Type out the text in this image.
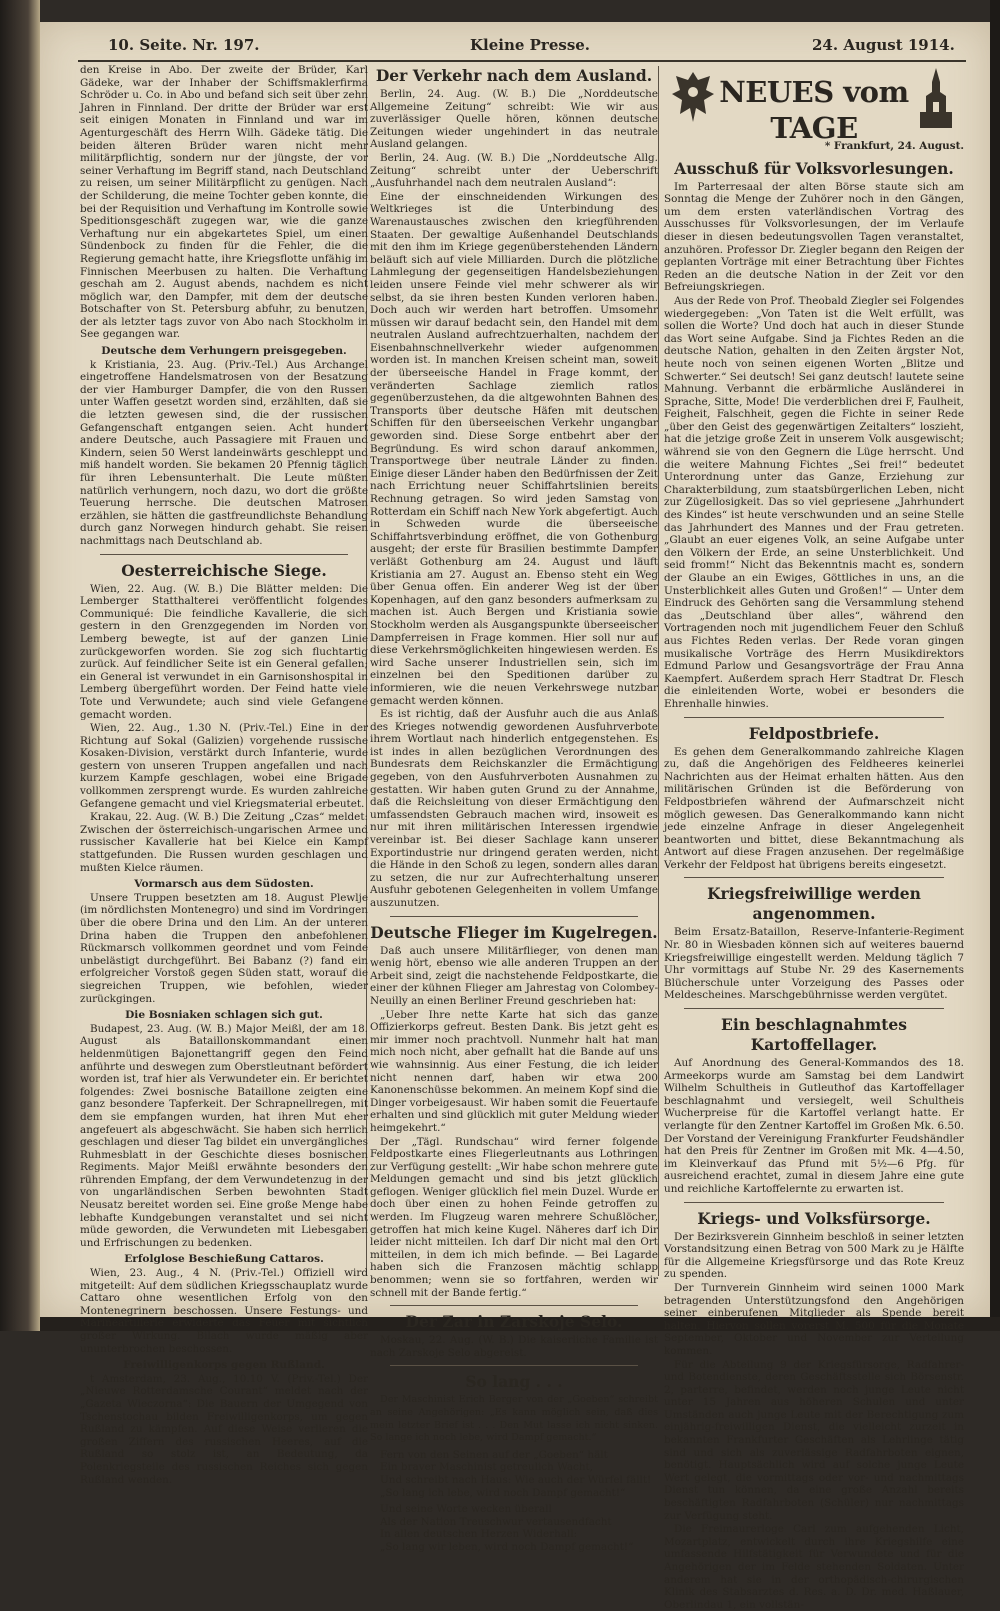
10. Seite. Nr. 197.	Kleine Presse.	24. August 1914.

den Kreise in Abo. Der zweite der Brüder, Karl Gädeke, war der Inhaber der Schiffsmaklerfirma Schröder u. Co. in Abo und befand sich seit über zehn Jahren in Finnland. Der dritte der Brüder war erst seit einigen Monaten in Finnland und war im Agenturgeschäft des Herrn Wilh. Gädeke tätig. Die beiden älteren Brüder waren nicht mehr militärpflichtig, sondern nur der jüngste, der vor seiner Verhaftung im Begriff stand, nach Deutschland zu reisen, um seiner Militärpflicht zu genügen. Nach der Schilderung, die meine Tochter geben konnte, die bei der Requisition und Verhaftung im Kontrolle sowie Speditionsgeschäft zugegen war, wie die ganze Verhaftung nur ein abgekartetes Spiel, um einen Sündenbock zu finden für die Fehler, die die Regierung gemacht hatte, ihre Kriegsflotte unfähig im Finnischen Meerbusen zu halten. Die Verhaftung geschah am 2. August abends, nachdem es nicht möglich war, den Dampfer, mit dem der deutsche Botschafter von St. Petersburg abfuhr, zu benutzen, der als letzter tags zuvor von Abo nach Stockholm in See gegangen war.

Deutsche dem Verhungern preisgegeben.

k Kristiania, 23. Aug. (Priv.-Tel.) Aus Archangel eingetroffene Handelsmatrosen von der Besatzung der vier Hamburger Dampfer, die von den Russen unter Waffen gesetzt worden sind, erzählten, daß sie die letzten gewesen sind, die der russischen Gefangenschaft entgangen seien. Acht hundert andere Deutsche, auch Passagiere mit Frauen und Kindern, seien 50 Werst landeinwärts geschleppt und miß handelt worden. Sie bekamen 20 Pfennig täglich für ihren Lebensunterhalt. Die Leute müßten natürlich verhungern, noch dazu, wo dort die größte Teuerung herrsche. Die deutschen Matrosen erzählen, sie hätten die gastfreundlichste Behandlung durch ganz Norwegen hindurch gehabt. Sie reisen nachmittags nach Deutschland ab.

Oesterreichische Siege.

Wien, 22. Aug. (W. B.) Die Blätter melden: Die Lemberger Statthalterei veröffentlicht folgendes Communiqué: Die feindliche Kavallerie, die sich gestern in den Grenzgegenden im Norden von Lemberg bewegte, ist auf der ganzen Linie zurückgeworfen worden. Sie zog sich fluchtartig zurück. Auf feindlicher Seite ist ein General gefallen; ein General ist verwundet in ein Garnisonshospital in Lemberg übergeführt worden. Der Feind hatte viele Tote und Verwundete; auch sind viele Gefangene gemacht worden.

Wien, 22. Aug., 1.30 N. (Priv.-Tel.) Eine in der Richtung auf Sokal (Galizien) vorgehende russische Kosaken-Division, verstärkt durch Infanterie, wurde gestern von unseren Truppen angefallen und nach kurzem Kampfe geschlagen, wobei eine Brigade vollkommen zersprengt wurde. Es wurden zahlreiche Gefangene gemacht und viel Kriegsmaterial erbeutet.

Krakau, 22. Aug. (W. B.) Die Zeitung „Czas“ meldet: Zwischen der österreichisch-ungarischen Armee und russischer Kavallerie hat bei Kielce ein Kampf stattgefunden. Die Russen wurden geschlagen und mußten Kielce räumen.

Vormarsch aus dem Südosten.

Unsere Truppen besetzten am 18. August Plewlje (im nördlichsten Montenegro) und sind im Vordringen über die obere Drina und den Lim. An der unteren Drina haben die Truppen den anbefohlenen Rückmarsch vollkommen geordnet und vom Feinde unbelästigt durchgeführt. Bei Babanz (?) fand ein erfolgreicher Vorstoß gegen Süden statt, worauf die siegreichen Truppen, wie befohlen, wieder zurückgingen.

Die Bosniaken schlagen sich gut.

Budapest, 23. Aug. (W. B.) Major Meißl, der am 18. August als Bataillonskommandant einen heldenmütigen Bajonettangriff gegen den Feind anführte und deswegen zum Oberstleutnant befördert worden ist, traf hier als Verwundeter ein. Er berichtet folgendes: Zwei bosnische Bataillone zeigten eine ganz besondere Tapferkeit. Der Schrapnellregen, mit dem sie empfangen wurden, hat ihren Mut eher angefeuert als abgeschwächt. Sie haben sich herrlich geschlagen und dieser Tag bildet ein unvergängliches Ruhmesblatt in der Geschichte dieses bosnischen Regiments. Major Meißl erwähnte besonders den rührenden Empfang, der dem Verwundetenzug in der von ungarländischen Serben bewohnten Stadt Neusatz bereitet worden sei. Eine große Menge habe lebhafte Kundgebungen veranstaltet und sei nicht müde geworden, die Verwundeten mit Liebesgaben und Erfrischungen zu bedenken.

Erfolglose Beschießung Cattaros.

Wien, 23. Aug., 4 N. (Priv.-Tel.) Offiziell wird mitgeteilt: Auf dem südlichen Kriegsschauplatz wurde Cattaro ohne wesentlichen Erfolg von den Montenegrinern beschossen. Unsere Festungs- und Marineartillerie erwiderte das Feuer mit sichtlich großer Wirkung. Bilach wurde mäßig aber ununterbrochen beschossen.

Freiwilligenkorps gegen Rußland.

t Amsterdam, 23. Aug., 10.10 V. (Priv.-Tel.) Der „Nieuwe Rotterdamsche Courant“ meldet nach der „Gazeta Wieczorna“: Die Bauern der Umgegend von Tschenstochau bilden Freiwilligenkorps, um gegen Rußland zu kämpfen. Auf diese Weise verlieren die großen Ziffern des russischen Heeres, auf die Rußland so stolz ist, an Bedeutung, da Polenkriegsteile des russischen Reiches sich gegen Rußland wenden.

Der Verkehr nach dem Ausland.

Berlin, 24. Aug. (W. B.) Die „Norddeutsche Allgemeine Zeitung“ schreibt: Wie wir aus zuverlässiger Quelle hören, können deutsche Zeitungen wieder ungehindert in das neutrale Ausland gelangen.

Berlin, 24. Aug. (W. B.) Die „Norddeutsche Allg. Zeitung“ schreibt unter der Ueberschrift „Ausfuhrhandel nach dem neutralen Ausland“:

Eine der einschneidenden Wirkungen des Weltkrieges ist die Unterbindung des Warenaustausches zwischen den kriegführenden Staaten. Der gewaltige Außenhandel Deutschlands mit den ihm im Kriege gegenüberstehenden Ländern beläuft sich auf viele Milliarden. Durch die plötzliche Lahmlegung der gegenseitigen Handelsbeziehungen leiden unsere Feinde viel mehr schwerer als wir selbst, da sie ihren besten Kunden verloren haben. Doch auch wir werden hart betroffen. Umsomehr müssen wir darauf bedacht sein, den Handel mit dem neutralen Ausland aufrechtzuerhalten, nachdem der Eisenbahnschnellverkehr wieder aufgenommen worden ist. In manchen Kreisen scheint man, soweit der überseeische Handel in Frage kommt, der veränderten Sachlage ziemlich ratlos gegenüberzustehen, da die altgewohnten Bahnen des Transports über deutsche Häfen mit deutschen Schiffen für den überseeischen Verkehr ungangbar geworden sind. Diese Sorge entbehrt aber der Begründung. Es wird schon darauf ankommen, Transportwege über neutrale Länder zu finden. Einige dieser Länder haben den Bedürfnissen der Zeit nach Errichtung neuer Schiffahrtslinien bereits Rechnung getragen. So wird jeden Samstag von Rotterdam ein Schiff nach New York abgefertigt. Auch in Schweden wurde die überseeische Schiffahrtsverbindung eröffnet, die von Gothenburg ausgeht; der erste für Brasilien bestimmte Dampfer verläßt Gothenburg am 24. August und läuft Kristiania am 27. August an. Ebenso steht ein Weg über Genua offen. Ein anderer Weg ist der über Kopenhagen, auf den ganz besonders aufmerksam zu machen ist. Auch Bergen und Kristiania sowie Stockholm werden als Ausgangspunkte überseeischer Dampferreisen in Frage kommen. Hier soll nur auf diese Verkehrsmöglichkeiten hingewiesen werden. Es wird Sache unserer Industriellen sein, sich im einzelnen bei den Speditionen darüber zu informieren, wie die neuen Verkehrswege nutzbar gemacht werden können.

Es ist richtig, daß der Ausfuhr auch die aus Anlaß des Krieges notwendig gewordenen Ausfuhrverbote ihrem Wortlaut nach hinderlich entgegenstehen. Es ist indes in allen bezüglichen Verordnungen des Bundesrats dem Reichskanzler die Ermächtigung gegeben, von den Ausfuhrverboten Ausnahmen zu gestatten. Wir haben guten Grund zu der Annahme, daß die Reichsleitung von dieser Ermächtigung den umfassendsten Gebrauch machen wird, insoweit es nur mit ihren militärischen Interessen irgendwie vereinbar ist. Bei dieser Sachlage kann unserer Exportindustrie nur dringend geraten werden, nicht die Hände in den Schoß zu legen, sondern alles daran zu setzen, die nur zur Aufrechterhaltung unserer Ausfuhr gebotenen Gelegenheiten in vollem Umfange auszunutzen.

Deutsche Flieger im Kugelregen.

Daß auch unsere Militärflieger, von denen man wenig hört, ebenso wie alle anderen Truppen an der Arbeit sind, zeigt die nachstehende Feldpostkarte, die einer der kühnen Flieger am Jahrestag von Colombey-Neuilly an einen Berliner Freund geschrieben hat:

„Ueber Ihre nette Karte hat sich das ganze Offizierkorps gefreut. Besten Dank. Bis jetzt geht es mir immer noch prachtvoll. Nunmehr halt hat man mich noch nicht, aber gefnallt hat die Bande auf uns wie wahnsinnig. Aus einer Festung, die ich leider nicht nennen darf, haben wir etwa 200 Kanonenschüsse bekommen. An meinem Kopf sind die Dinger vorbeigesaust. Wir haben somit die Feuertaufe erhalten und sind glücklich mit guter Meldung wieder heimgekehrt.“

Der „Tägl. Rundschau“ wird ferner folgende Feldpostkarte eines Fliegerleutnants aus Lothringen zur Verfügung gestellt: „Wir habe schon mehrere gute Meldungen gemacht und sind bis jetzt glücklich geflogen. Weniger glücklich fiel mein Duzel. Wurde er doch über einen zu hohen Feinde getroffen zu werden. Im Flugzeug waren mehrere Schußlöcher, getroffen hat mich keine Kugel. Näheres darf ich Dir leider nicht mitteilen. Ich darf Dir nicht mal den Ort mitteilen, in dem ich mich befinde. — Bei Lagarde haben sich die Franzosen mächtig schlapp benommen; wenn sie so fortfahren, werden wir schnell mit der Bande fertig.“

Der Zar in Zarskoje Selo.

Moskau, 22. Aug. (W. B.) Die kaiserliche Familie ist nach Zarskoje Selo abgereist.

So lang . . .

Der Maschinist Erich Berger von der „Goeben“ schreibt an seine Angehörigen: „Es kann möglich sein, daß dies mein letzter Brief ist . . . Den Mut lasse ich nicht sinken. So lange ich noch lebe, wird Dampf gemacht.“

Fern von den Seinen auf der „Goeben“ hält
Ein braver Maschinist getreulich Wacht,
Und schreibt nach Haus: Wie auch der Würfel fällt!
„So lang ich lebe, wird noch Dampf gemacht!“

Und seine Worte wecken überall
Als der Nation Treuschwur vertausendfacht
In allen deutschen Herzen Widerhall:
„So lang wir leben, wird noch Dampf gemacht!“

NEUES vom TAGE

* Frankfurt, 24. August.

Ausschuß für Volksvorlesungen.

Im Parterresaal der alten Börse staute sich am Sonntag die Menge der Zuhörer noch in den Gängen, um dem ersten vaterländischen Vortrag des Ausschusses für Volksvorlesungen, der im Verlaufe dieser in diesen bedeutungsvollen Tagen veranstaltet, anzuhören. Professor Dr. Ziegler begann den Reigen der geplanten Vorträge mit einer Betrachtung über Fichtes Reden an die deutsche Nation in der Zeit vor den Befreiungskriegen.

Aus der Rede von Prof. Theobald Ziegler sei Folgendes wiedergegeben: „Von Taten ist die Welt erfüllt, was sollen die Worte? Und doch hat auch in dieser Stunde das Wort seine Aufgabe. Sind ja Fichtes Reden an die deutsche Nation, gehalten in den Zeiten ärgster Not, heute noch von seinen eigenen Worten „Blitze und Schwerter.“ Sei deutsch! Sei ganz deutsch! lautete seine Mahnung. Verbannt die erbärmliche Ausländerei in Sprache, Sitte, Mode! Die verderblichen drei F, Faulheit, Feigheit, Falschheit, gegen die Fichte in seiner Rede „über den Geist des gegenwärtigen Zeitalters“ loszieht, hat die jetzige große Zeit in unserem Volk ausgewischt; während sie von den Gegnern die Lüge herrscht. Und die weitere Mahnung Fichtes „Sei frei!“ bedeutet Unterordnung unter das Ganze, Erziehung zur Charakterbildung, zum staatsbürgerlichen Leben, nicht zur Zügellosigkeit. Das so viel gepriesene „Jahrhundert des Kindes“ ist heute verschwunden und an seine Stelle das Jahrhundert des Mannes und der Frau getreten. „Glaubt an euer eigenes Volk, an seine Aufgabe unter den Völkern der Erde, an seine Unsterblichkeit. Und seid fromm!“ Nicht das Bekenntnis macht es, sondern der Glaube an ein Ewiges, Göttliches in uns, an die Unsterblichkeit alles Guten und Großen!“ — Unter dem Eindruck des Gehörten sang die Versammlung stehend das „Deutschland über alles“, während den Vortragenden noch mit jugendlichem Feuer den Schluß aus Fichtes Reden verlas. Der Rede voran gingen musikalische Vorträge des Herrn Musikdirektors Edmund Parlow und Gesangsvorträge der Frau Anna Kaempfert. Außerdem sprach Herr Stadtrat Dr. Flesch die einleitenden Worte, wobei er besonders die Ehrenhalle hinwies.

Feldpostbriefe.

Es gehen dem Generalkommando zahlreiche Klagen zu, daß die Angehörigen des Feldheeres keinerlei Nachrichten aus der Heimat erhalten hätten. Aus den militärischen Gründen ist die Beförderung von Feldpostbriefen während der Aufmarschzeit nicht möglich gewesen. Das Generalkommando kann nicht jede einzelne Anfrage in dieser Angelegenheit beantworten und bittet, diese Bekanntmachung als Antwort auf diese Fragen anzusehen. Der regelmäßige Verkehr der Feldpost hat übrigens bereits eingesetzt.

Kriegsfreiwillige werden angenommen.

Beim Ersatz-Bataillon, Reserve-Infanterie-Regiment Nr. 80 in Wiesbaden können sich auf weiteres bauernd Kriegsfreiwillige eingestellt werden. Meldung täglich 7 Uhr vormittags auf Stube Nr. 29 des Kasernements Blücherschule unter Vorzeigung des Passes oder Meldescheines. Marschgebührnisse werden vergütet.

Ein beschlagnahmtes Kartoffellager.

Auf Anordnung des General-Kommandos des 18. Armeekorps wurde am Samstag bei dem Landwirt Wilhelm Schultheis in Gutleuthof das Kartoffellager beschlagnahmt und versiegelt, weil Schultheis Wucherpreise für die Kartoffel verlangt hatte. Er verlangte für den Zentner Kartoffel im Großen Mk. 6.50. Der Vorstand der Vereinigung Frankfurter Feudshändler hat den Preis für Zentner im Großen mit Mk. 4—4.50, im Kleinverkauf das Pfund mit 5½—6 Pfg. für ausreichend erachtet, zumal in diesem Jahre eine gute und reichliche Kartoffelernte zu erwarten ist.

Kriegs- und Volksfürsorge.

Der Bezirksverein Ginnheim beschloß in seiner letzten Vorstandsitzung einen Betrag von 500 Mark zu je Hälfte für die Allgemeine Kriegsfürsorge und das Rote Kreuz zu spenden.

Der Turnverein Ginnheim wird seinen 1000 Mark betragenden Unterstützungsfond den Angehörigen seiner einberufenen Mitglieder als Spende bereit halten. Hiervon sollen vorerst M. 500 für die Monate September, Oktober und November zur Verteilung kommen.

Für die Abteilung 9 der Kriegsfürsorge, Radfahrer- und Botendienste, deren Geschäftsstelle sich Börsenstr. 2, parterre, befindet, werden noch junge Leute nicht unter 15 Jahren aus höheren Schulen und unter Umständen auch junge Leute mit der Berechtigung zum einjährig-freiwilligen Dienst, die vielleicht zurzeit in bekannten Frankfurter Geschäften als Lehrlinge tätig sind und sich als zuverlässige Radfahrboten eignen, benötigt. Hauptsächlich wird auf solche junge Leute Wert gelegt, die vormittags oder vor- und nachmittags Dienst tun können, da eine große Anzahl bereits beschäftigten Radfahrboten (Schüler) nur nachmittags zur Verfügung steht.

Die Freimaurerloge Carl zum aufgehenden Licht, Mozartplatz, entwickelt durch ihre Kriegshilfe eine umfassende Hilfstätigkeit für Verwundete und für die Angehörigen der im Felde stehenden Soldaten. Unter anderem hat sie in der orthopädisch-chirurgischen Klinik des Stabsarztes d. Res. a. D. Dr. med. Haßlauer, Oberlindau 1, ein vollstän-
